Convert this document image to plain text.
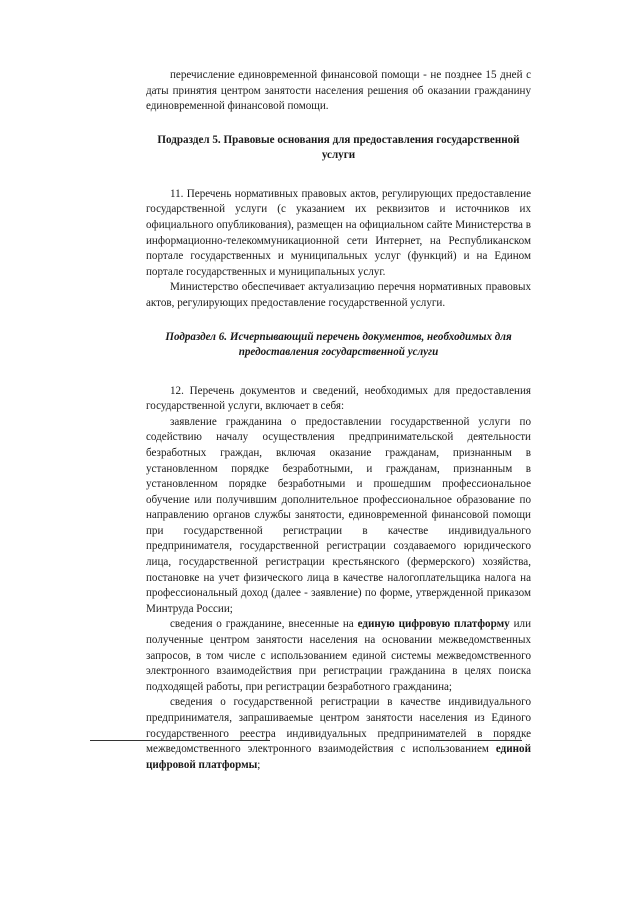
перечисление единовременной финансовой помощи - не позднее 15 дней с даты принятия центром занятости населения решения об оказании гражданину единовременной финансовой помощи.

Подраздел 5. Правовые основания для предоставления государственной услуги

11. Перечень нормативных правовых актов, регулирующих предоставление государственной услуги (с указанием их реквизитов и источников их официального опубликования), размещен на официальном сайте Министерства в информационно-телекоммуникационной сети Интернет, на Республиканском портале государственных и муниципальных услуг (функций) и на Едином портале государственных и муниципальных услуг.

Министерство обеспечивает актуализацию перечня нормативных правовых актов, регулирующих предоставление государственной услуги.

Подраздел 6. Исчерпывающий перечень документов, необходимых для предоставления государственной услуги

12. Перечень документов и сведений, необходимых для предоставления государственной услуги, включает в себя:

заявление гражданина о предоставлении государственной услуги по содействию началу осуществления предпринимательской деятельности безработных граждан, включая оказание гражданам, признанным в установленном порядке безработными, и гражданам, признанным в установленном порядке безработными и прошедшим профессиональное обучение или получившим дополнительное профессиональное образование по направлению органов службы занятости, единовременной финансовой помощи при государственной регистрации в качестве индивидуального предпринимателя, государственной регистрации создаваемого юридического лица, государственной регистрации крестьянского (фермерского) хозяйства, постановке на учет физического лица в качестве налогоплательщика налога на профессиональный доход (далее - заявление) по форме, утвержденной приказом Минтруда России;

сведения о гражданине, внесенные на единую цифровую платформу или полученные центром занятости населения на основании межведомственных запросов, в том числе с использованием единой системы межведомственного электронного взаимодействия при регистрации гражданина в целях поиска подходящей работы, при регистрации безработного гражданина;

сведения о государственной регистрации в качестве индивидуального предпринимателя, запрашиваемые центром занятости населения из Единого государственного реестра индивидуальных предпринимателей в порядке межведомственного электронного взаимодействия с использованием единой цифровой платформы;
